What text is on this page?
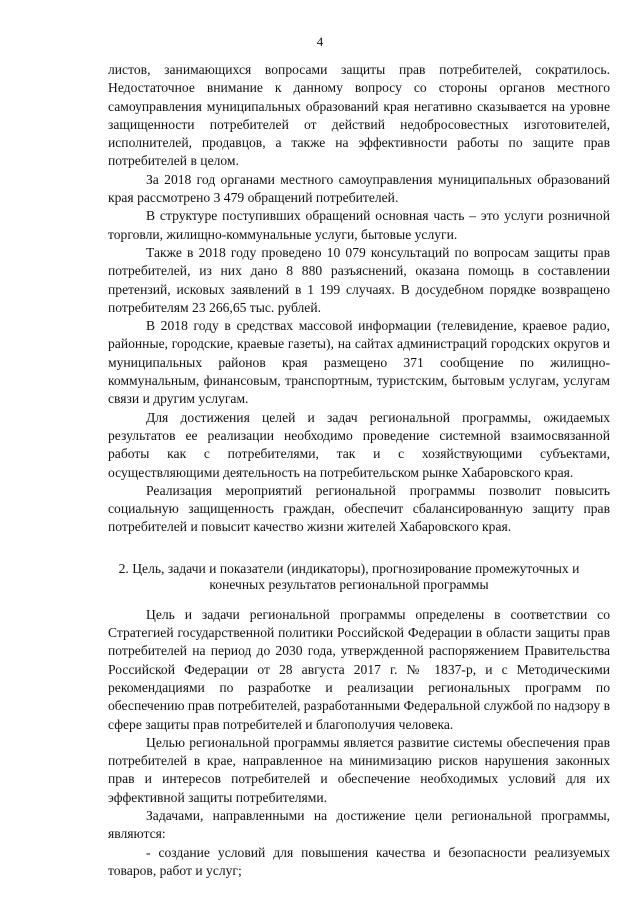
4

листов, занимающихся вопросами защиты прав потребителей, сократилось. Недостаточное внимание к данному вопросу со стороны органов местного самоуправления муниципальных образований края негативно сказывается на уровне защищенности потребителей от действий недобросовестных изготовителей, исполнителей, продавцов, а также на эффективности работы по защите прав потребителей в целом.

За 2018 год органами местного самоуправления муниципальных образований края рассмотрено 3 479 обращений потребителей.

В структуре поступивших обращений основная часть – это услуги розничной торговли, жилищно-коммунальные услуги, бытовые услуги.

Также в 2018 году проведено 10 079 консультаций по вопросам защиты прав потребителей, из них дано 8 880 разъяснений, оказана помощь в составлении претензий, исковых заявлений в 1 199 случаях. В досудебном порядке возвращено потребителям 23 266,65 тыс. рублей.

В 2018 году в средствах массовой информации (телевидение, краевое радио, районные, городские, краевые газеты), на сайтах администраций городских округов и муниципальных районов края размещено 371 сообщение по жилищно-коммунальным, финансовым, транспортным, туристским, бытовым услугам, услугам связи и другим услугам.

Для достижения целей и задач региональной программы, ожидаемых результатов ее реализации необходимо проведение системной взаимосвязанной работы как с потребителями, так и с хозяйствующими субъектами, осуществляющими деятельность на потребительском рынке Хабаровского края.

Реализация мероприятий региональной программы позволит повысить социальную защищенность граждан, обеспечит сбалансированную защиту прав потребителей и повысит качество жизни жителей Хабаровского края.

2. Цель, задачи и показатели (индикаторы), прогнозирование промежуточных и конечных результатов региональной программы

Цель и задачи региональной программы определены в соответствии со Стратегией государственной политики Российской Федерации в области защиты прав потребителей на период до 2030 года, утвержденной распоряжением Правительства Российской Федерации от 28 августа 2017 г. № 1837-р, и с Методическими рекомендациями по разработке и реализации региональных программ по обеспечению прав потребителей, разработанными Федеральной службой по надзору в сфере защиты прав потребителей и благополучия человека.

Целью региональной программы является развитие системы обеспечения прав потребителей в крае, направленное на минимизацию рисков нарушения законных прав и интересов потребителей и обеспечение необходимых условий для их эффективной защиты потребителями.

Задачами, направленными на достижение цели региональной программы, являются:

- создание условий для повышения качества и безопасности реализуемых товаров, работ и услуг;
